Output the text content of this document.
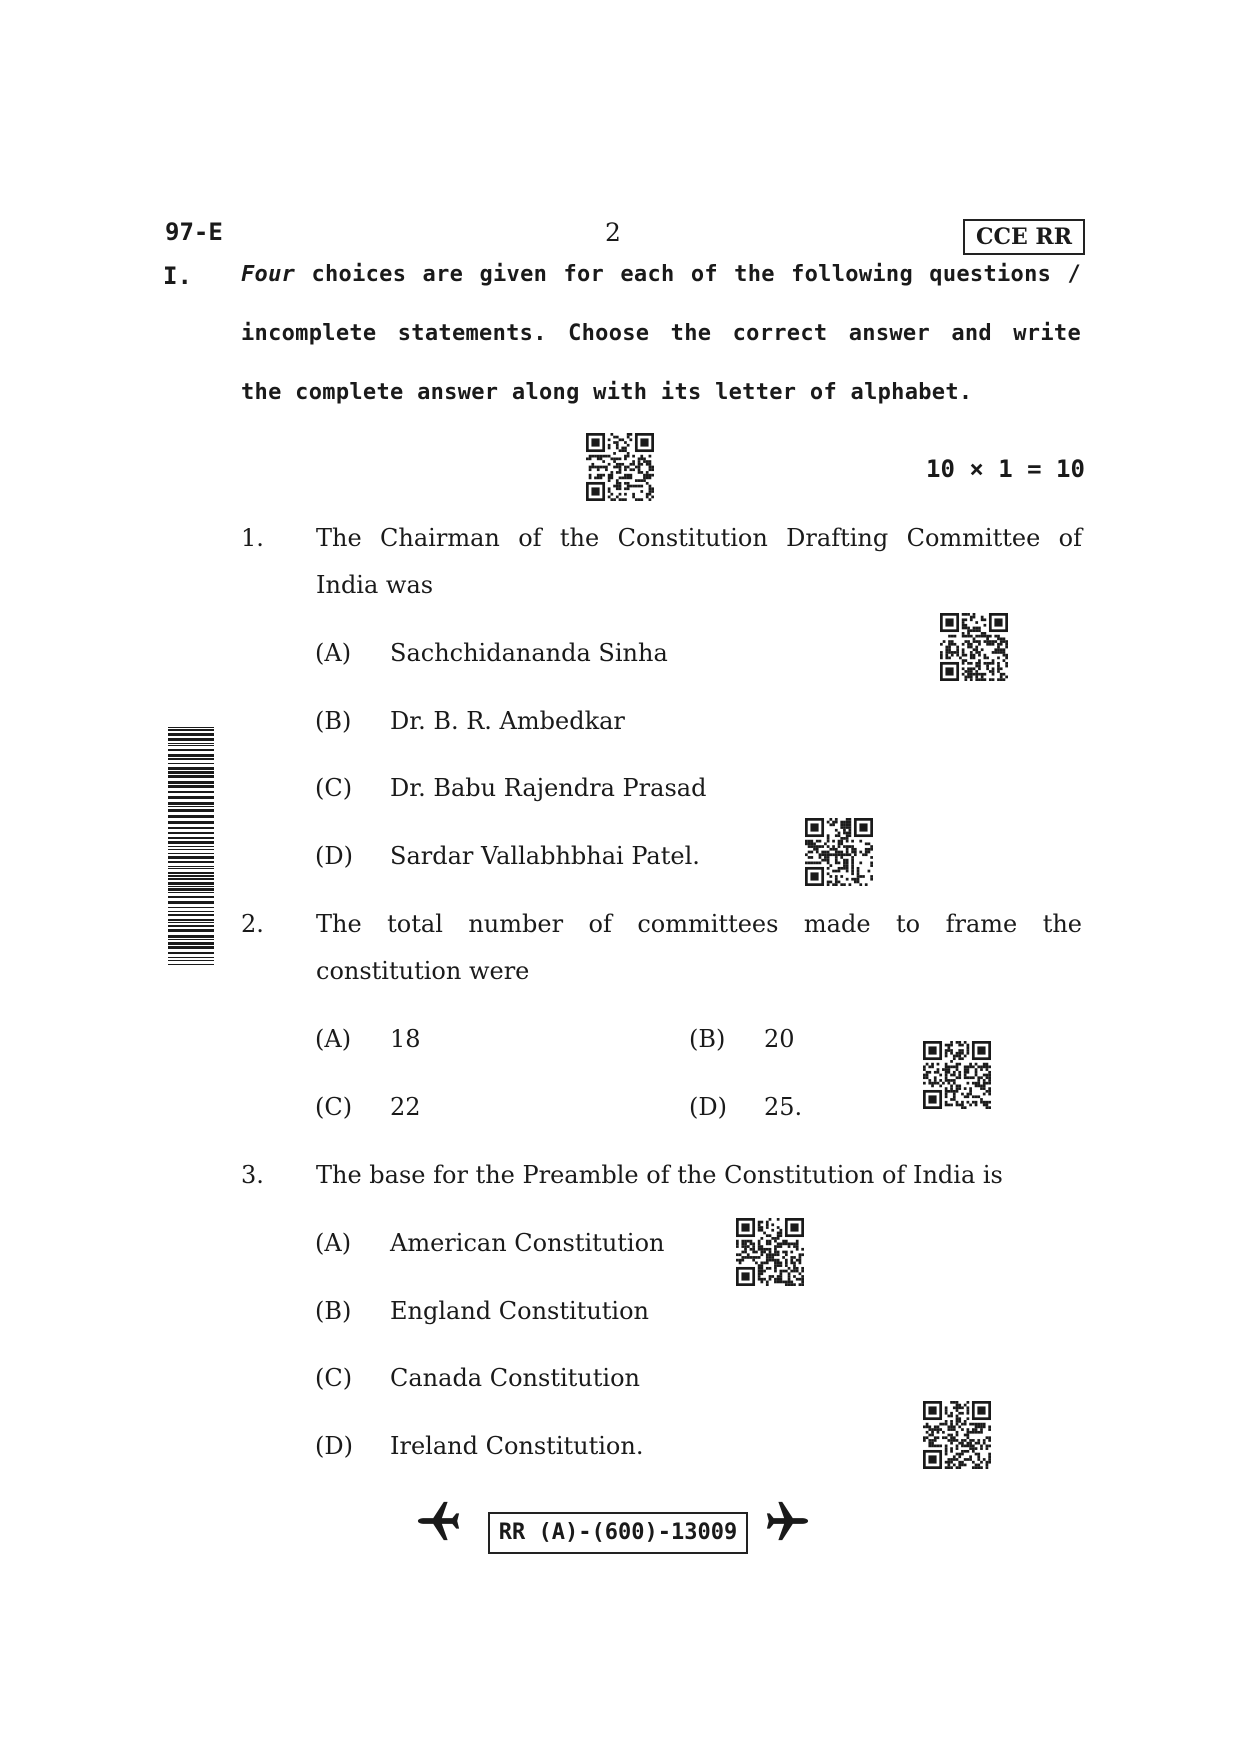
97-E	2	CCE RR
I. Four choices are given for each of the following questions /
incomplete statements. Choose the correct answer and write
the complete answer along with its letter of alphabet.
10 × 1 = 10
1. The Chairman of the Constitution Drafting Committee of
India was
(A) Sachchidananda Sinha
(B) Dr. B. R. Ambedkar
(C) Dr. Babu Rajendra Prasad
(D) Sardar Vallabhbhai Patel.
2. The total number of committees made to frame the
constitution were
(A) 18	(B) 20
(C) 22	(D) 25.
3. The base for the Preamble of the Constitution of India is
(A) American Constitution
(B) England Constitution
(C) Canada Constitution
(D) Ireland Constitution.
RR (A)-(600)-13009
